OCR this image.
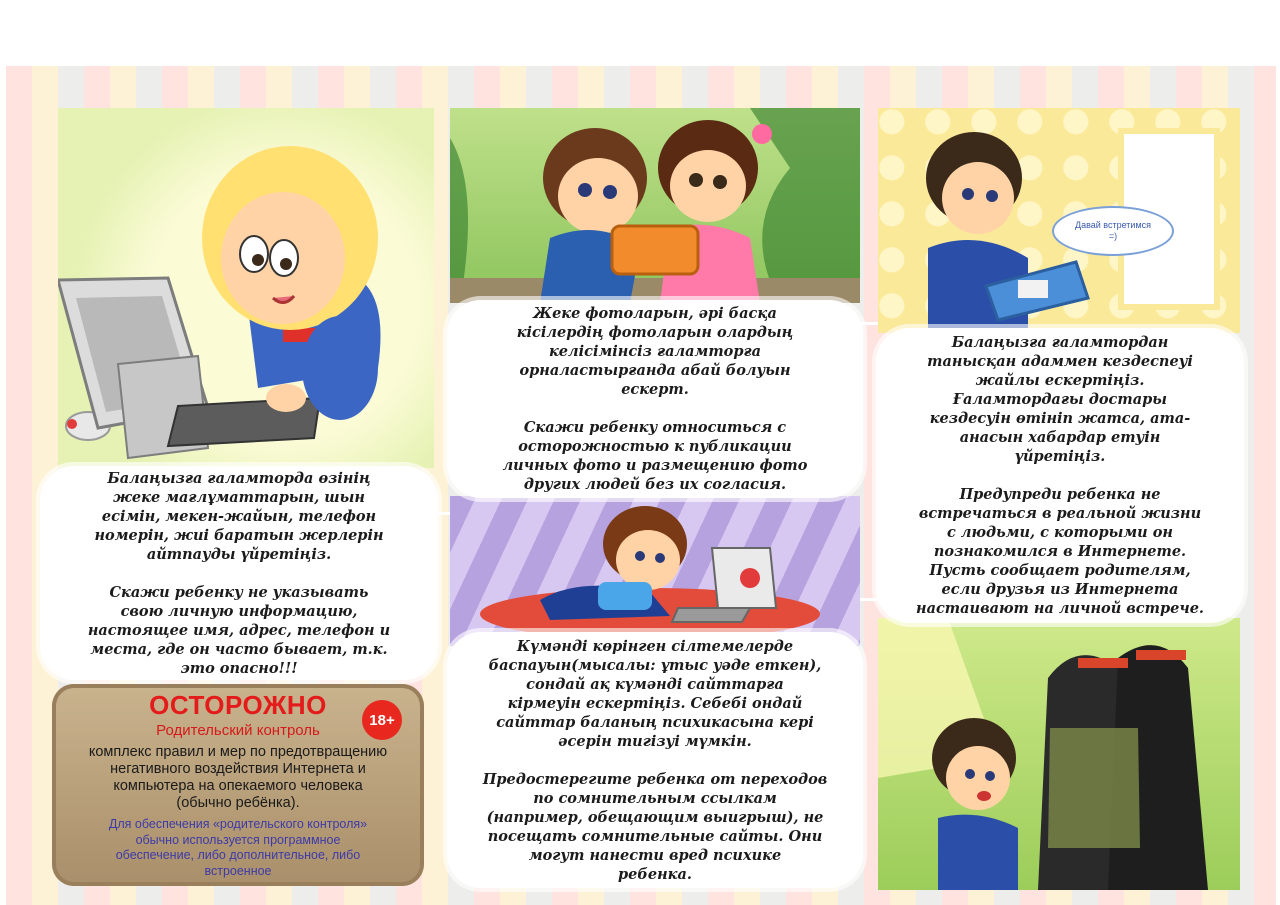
Давай встретимся
=)

Балаңызға ғаламторда өзінің

жеке мағлұматтарын, шын

есімін, мекен-жайын, телефон

номерін, жиі баратын жерлерін

айтпауды үйретіңіз.

Скажи ребенку не указывать

свою личную информацию,

настоящее имя, адрес, телефон и

места, где он часто бывает, т.к.

это опасно!!!

Жеке фотоларын, әрі басқа

кісілердің фотоларын олардың

келісімінсіз ғаламторға

орналастырғанда абай болуын

ескерт.

Скажи ребенку относиться с

осторожностью к публикации

личных фото и размещению фото

других людей без их согласия.

Балаңызға ғаламтордан

танысқан адаммен кездеспеуі

жайлы ескертіңіз.

Ғаламтордағы достары

кездесуін өтініп жатса, ата-

анасын хабардар етуін

үйретіңіз.

Предупреди ребенка не

встречаться в реальной жизни

с людьми, с которыми он

познакомился в Интернете.

Пусть сообщает родителям,

если друзья из Интернета

настаивают на личной встрече.

Күмәнді көрінген сілтемелерде

баспауын(мысалы: ұтыс уәде еткен),

сондай ақ күмәнді сайттарға

кірмеуін ескертіңіз. Себебі ондай

сайттар баланың психикасына кері

әсерін тигізуі мүмкін.

Предостерегите ребенка от переходов

по сомнительным ссылкам

(например, обещающим выигрыш), не

посещать сомнительные сайты. Они

могут нанести вред психике

ребенка.

ОСТОРОЖНО
Родительский контроль
18+
комплекс правил и мер по предотвращению
негативного воздействия Интернета и
компьютера на опекаемого человека
(обычно ребёнка).
Для обеспечения «родительского контроля»
обычно используется программное
обеспечение, либо дополнительное, либо
встроенное
